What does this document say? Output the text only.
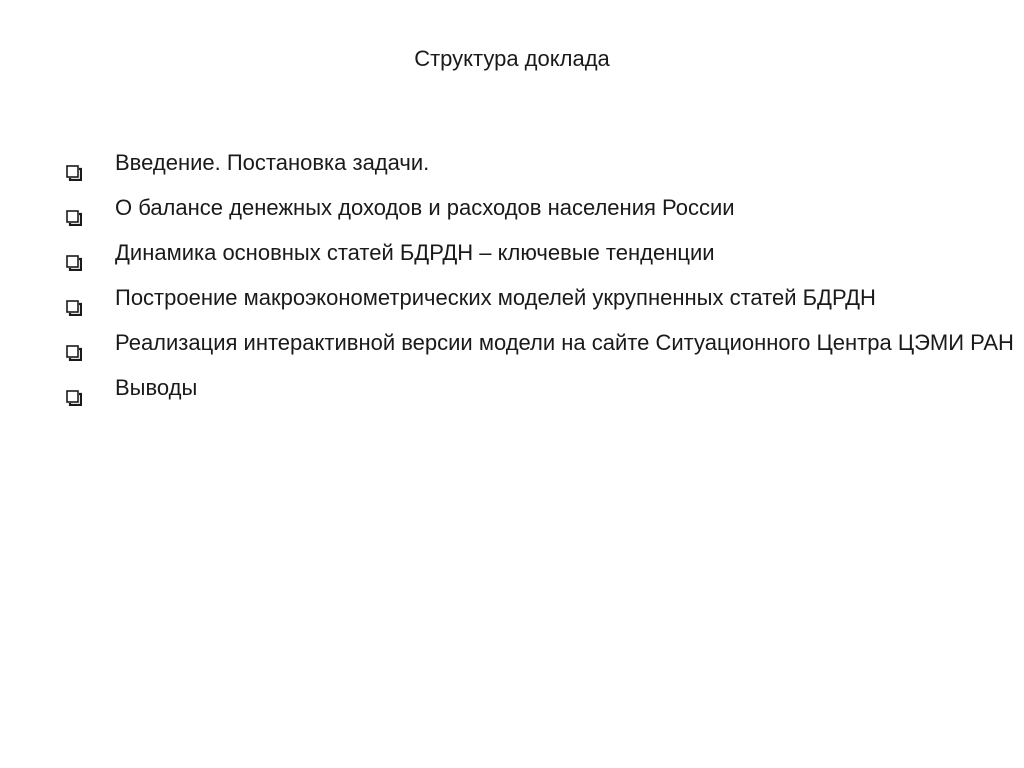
Структура доклада
Введение. Постановка задачи.
О балансе денежных доходов и расходов населения России
Динамика основных статей БДРДН – ключевые тенденции
Построение макроэконометрических моделей укрупненных статей БДРДН
Реализация интерактивной версии модели на сайте Ситуационного Центра ЦЭМИ РАН
Выводы
